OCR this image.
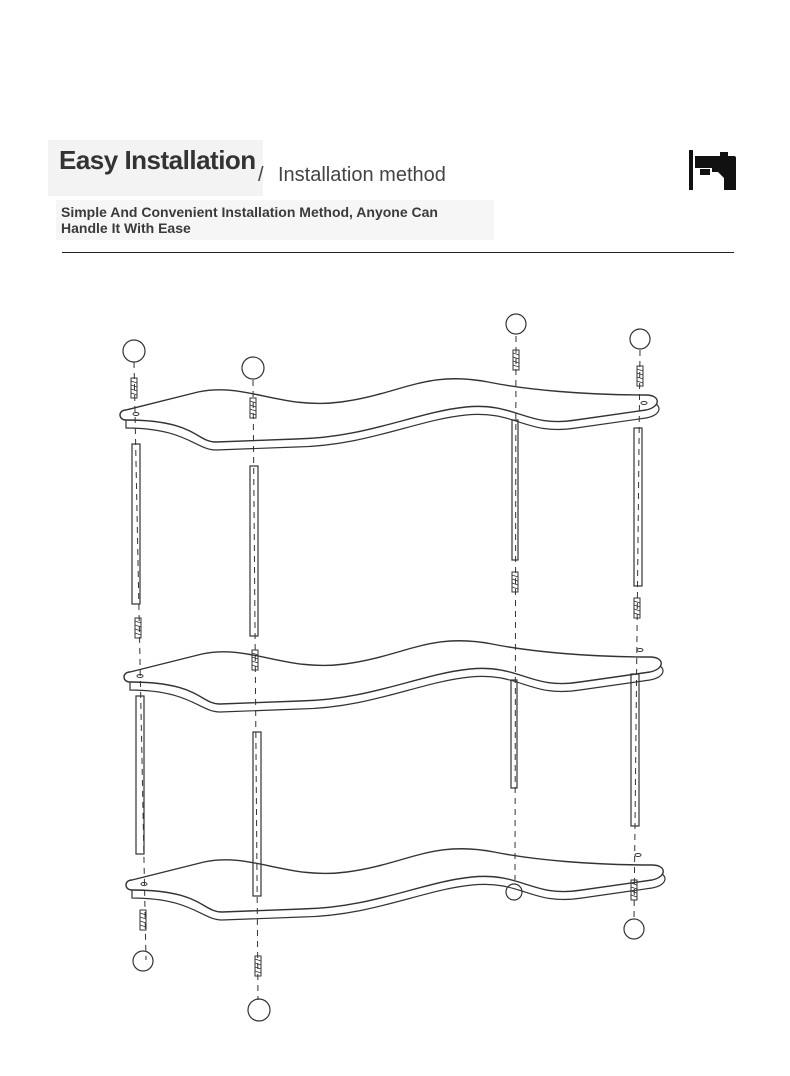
Easy Installation / Installation method
Simple And Convenient Installation Method, Anyone Can Handle It With Ease
